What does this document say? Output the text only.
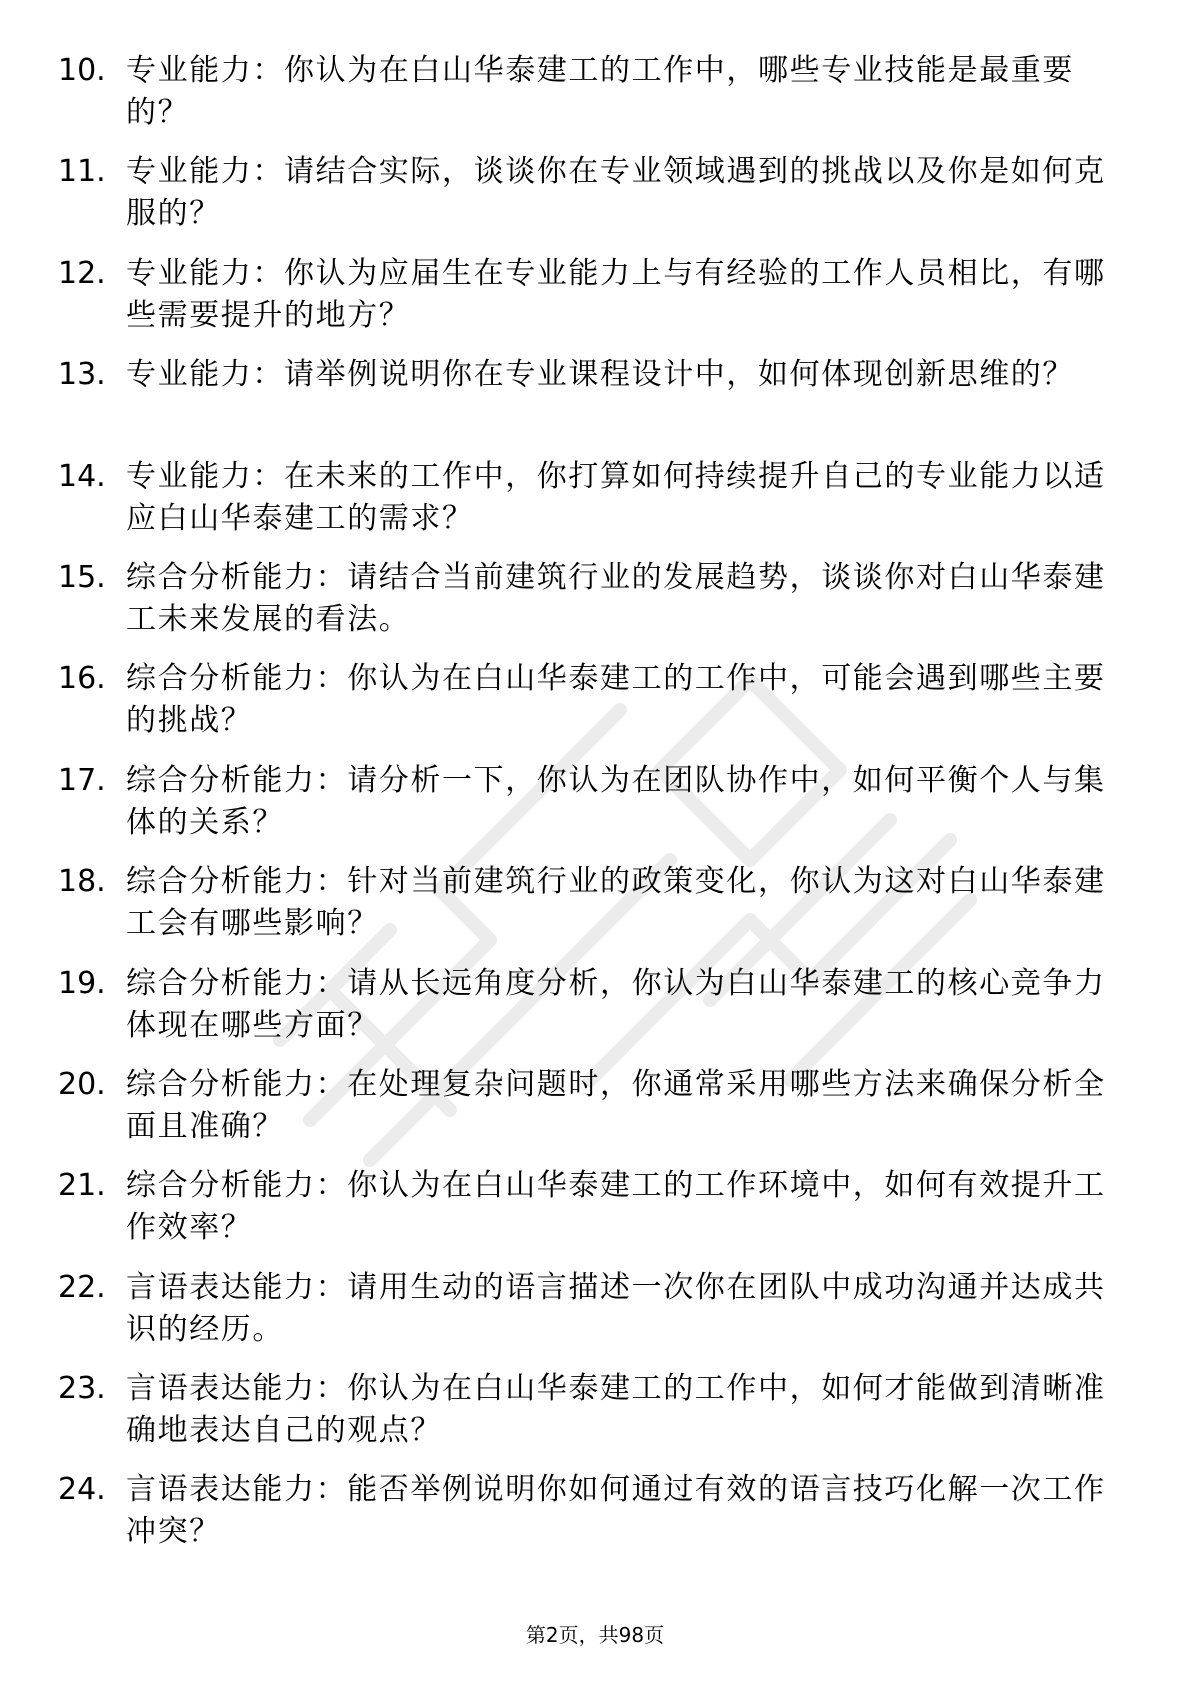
10. 专业能力：你认为在白山华泰建工的工作中，哪些专业技能是最重要的？
11. 专业能力：请结合实际，谈谈你在专业领域遇到的挑战以及你是如何克服的？
12. 专业能力：你认为应届生在专业能力上与有经验的工作人员相比，有哪些需要提升的地方？
13. 专业能力：请举例说明你在专业课程设计中，如何体现创新思维的？
14. 专业能力：在未来的工作中，你打算如何持续提升自己的专业能力以适应白山华泰建工的需求？
15. 综合分析能力：请结合当前建筑行业的发展趋势，谈谈你对白山华泰建工未来发展的看法。
16. 综合分析能力：你认为在白山华泰建工的工作中，可能会遇到哪些主要的挑战？
17. 综合分析能力：请分析一下，你认为在团队协作中，如何平衡个人与集体的关系？
18. 综合分析能力：针对当前建筑行业的政策变化，你认为这对白山华泰建工会有哪些影响？
19. 综合分析能力：请从长远角度分析，你认为白山华泰建工的核心竞争力体现在哪些方面？
20. 综合分析能力：在处理复杂问题时，你通常采用哪些方法来确保分析全面且准确？
21. 综合分析能力：你认为在白山华泰建工的工作环境中，如何有效提升工作效率？
22. 言语表达能力：请用生动的语言描述一次你在团队中成功沟通并达成共识的经历。
23. 言语表达能力：你认为在白山华泰建工的工作中，如何才能做到清晰准确地表达自己的观点？
24. 言语表达能力：能否举例说明你如何通过有效的语言技巧化解一次工作冲突？
第2页，共98页
